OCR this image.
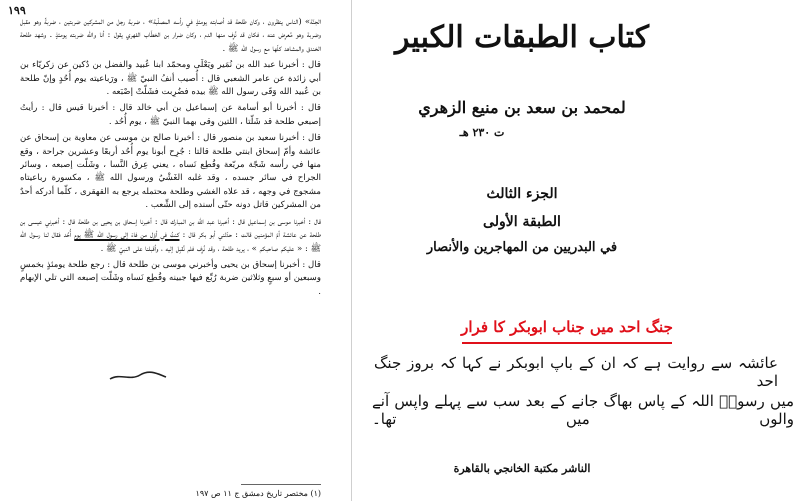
١٩٩

الجنّة» (الناس ينظرون ، وكان طلحة قد أصابته يومئذٍ في رأسه المصلّبة» ، ضربة رجل من المشركين ضربتين ، ضربةً وهو مقبل وضربة وهو مُعرِض عنه ، فكان قد نُزِف منها الدم ، وكان ضرار بن الخطّاب الفهري يقول : أنا والله ضربته يومئذٍ . وشهد طلحة الخندق والمشاهد كلّها مع رسول الله ﷺ .

قال : أخبرنا عبد الله بن نُمَير ويَعْلَى ومحمّد ابنا عُبيد والفضل بن دُكين عن زكريّاء بن أبي زائدة عن عامر الشعبي قال : أُصيب أنفُ النبيّ ﷺ ، ورَباعيته يوم أُحُدٍ وإنّ طلحة بن عُبيد الله وَقَى رسول الله ﷺ بيده فضُرِبت فشَلّتْ إصْبَعه .

قال : أخبرنا أبو أسامة عن إسماعيل بن أبي خالد قال : أخبرنا قيس قال : رأيتُ إصبعي طلحة قد شَلّتا ، اللتين وقى بهما النبيّ ﷺ ، يوم أُحُد .

قال : أخبرنا سعيد بن منصور قال : أخبرنا صالح بن موسى عن معاوية بن إسحاق عن عائشة وأمّ إسحاق ابنتي طلحة قالتا : جُرِح أبونا يوم أُحُد أربعًا وعشرين جراحة ، وقع منها في رأسه شَجّة مربّعة وقُطِع نَساه ، يعني عِرق النَّسا ، وشَلّت إصبعه ، وسائر الجراح في سائر جسده ، وقد غلبه الغَشْيُ ورسول الله ﷺ ، مكسورة رباعيتاه مشجوج في وجهه ، قد علاه الغشي وطلحة محتمله يرجع به القهقرى ، كلّما أدركه أحدٌ من المشركين قاتل دونه حتّى أسنده إلى الشِّعب .

قال : أخبرنا موسى بن إسماعيل قال : أخبرنا عبد الله بن المبارك قال : أخبرنا إسحاق بن يحيى بن طلحة قال : أخبرني عيسى بن طلحة عن عائشة أمّ المؤمنين قالت : حدّثني أبو بكر قال : كنتُ في أوّل من فاءَ إلى رسول الله ﷺ يوم أُحُد فقال لنا رسول الله ﷺ : « عليكم صاحبكم » ، يريد طلحة ، وقد نُزِف فلم نُقبِل إليه ، وأقبلنا على النبيّ ﷺ .

قال : أخبرنا إسحاق بن يحيى وأخبرني موسى بن طلحة قال : رجع طلحة يومئذٍ بخمسٍ وسبعين أو سبعٍ وثلاثين ضربة رُبِّع فيها جبينه وقُطِع نَساه وشَلّت إصبعه التي تلي الإبهام .

(١) مختصر تاريخ دمشق ج ١١ ص ١٩٧
كتاب الطبقات الكبير
لمحمد بن سعد بن منيع الزهري
ت ٢٣٠ هـ
الجزء الثالث
الطبقة الأولى
في البدريين من المهاجرين والأنصار
جنگ احد میں جناب ابوبکر کا فرار
عائشہ سے روایت ہے کہ ان کے باپ ابوبکر نے کہا کہ بروز جنگ احد
میں رسولؐ اللہ کے پاس بھاگ جانے کے بعد سب سے پہلے واپس آنے والوں میں تھا۔
الناشر مكتبة الخانجي بالقاهرة
